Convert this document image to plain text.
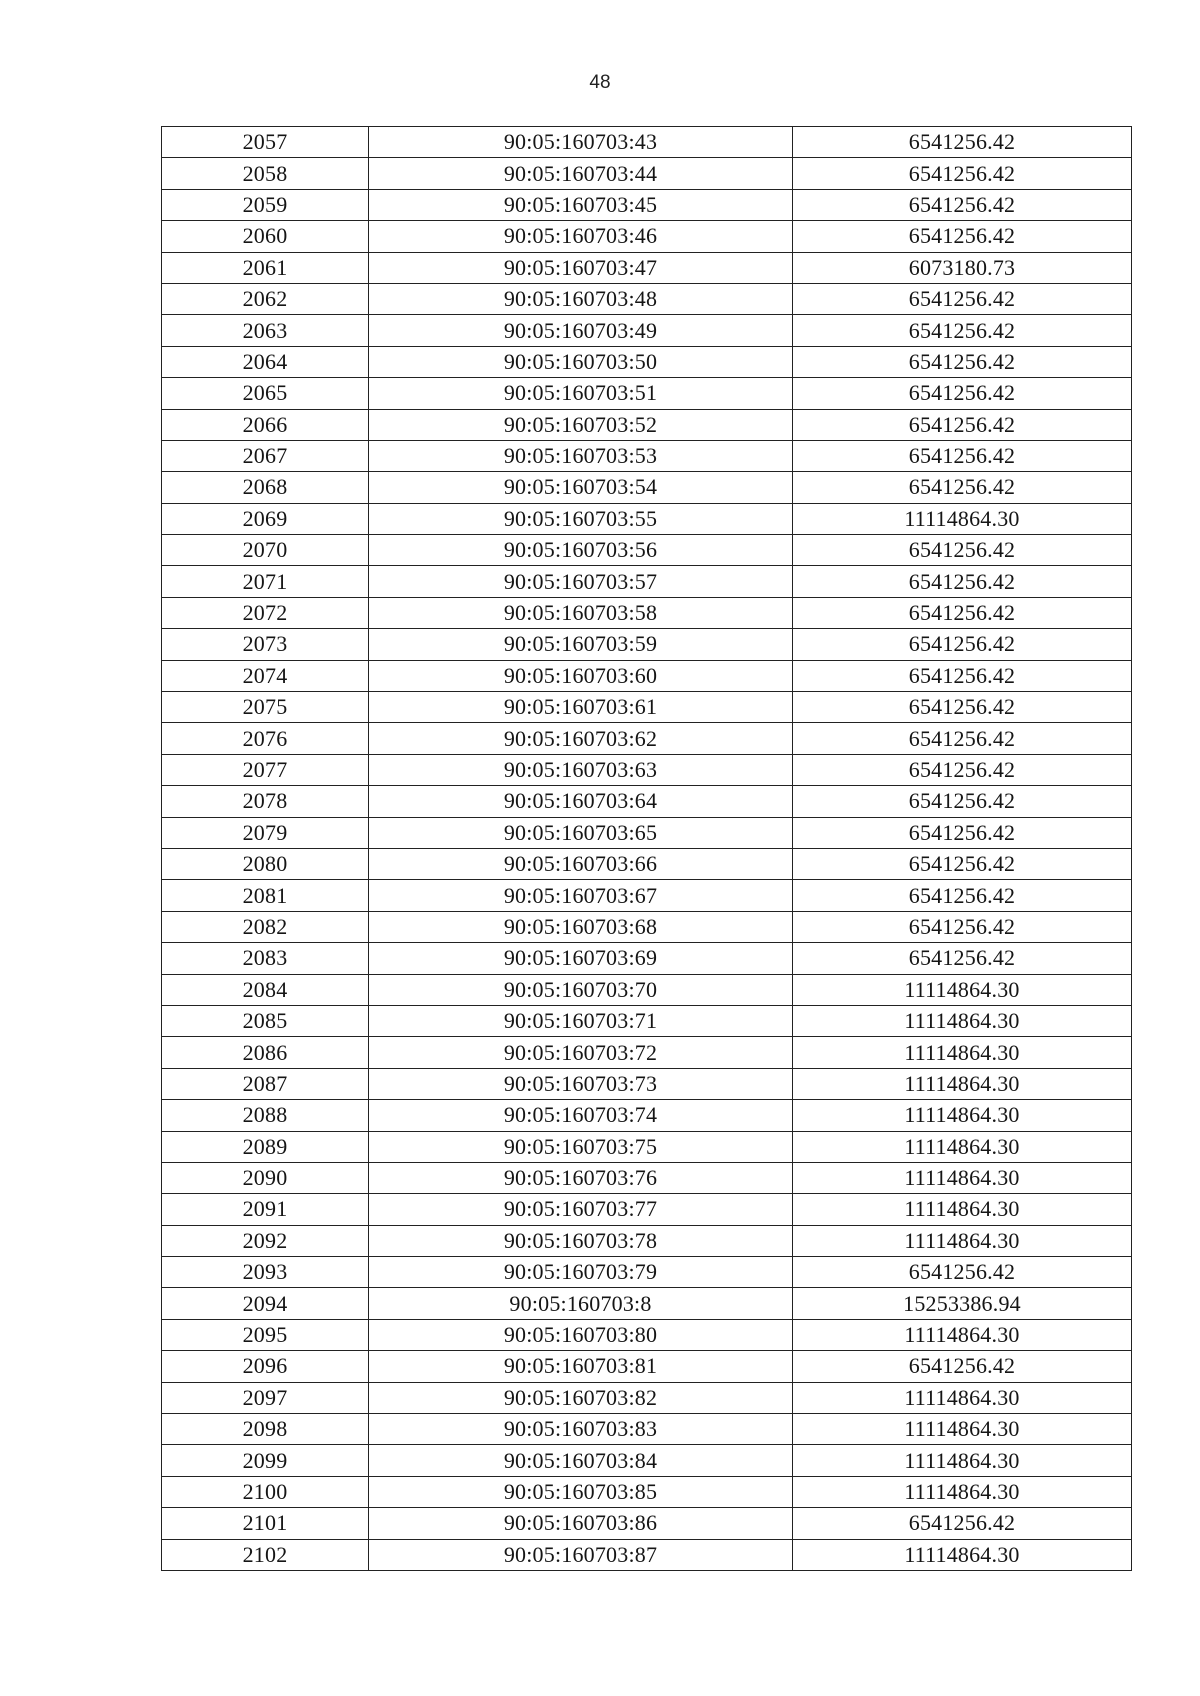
48
2057	90:05:160703:43	6541256.42
2058	90:05:160703:44	6541256.42
2059	90:05:160703:45	6541256.42
2060	90:05:160703:46	6541256.42
2061	90:05:160703:47	6073180.73
2062	90:05:160703:48	6541256.42
2063	90:05:160703:49	6541256.42
2064	90:05:160703:50	6541256.42
2065	90:05:160703:51	6541256.42
2066	90:05:160703:52	6541256.42
2067	90:05:160703:53	6541256.42
2068	90:05:160703:54	6541256.42
2069	90:05:160703:55	11114864.30
2070	90:05:160703:56	6541256.42
2071	90:05:160703:57	6541256.42
2072	90:05:160703:58	6541256.42
2073	90:05:160703:59	6541256.42
2074	90:05:160703:60	6541256.42
2075	90:05:160703:61	6541256.42
2076	90:05:160703:62	6541256.42
2077	90:05:160703:63	6541256.42
2078	90:05:160703:64	6541256.42
2079	90:05:160703:65	6541256.42
2080	90:05:160703:66	6541256.42
2081	90:05:160703:67	6541256.42
2082	90:05:160703:68	6541256.42
2083	90:05:160703:69	6541256.42
2084	90:05:160703:70	11114864.30
2085	90:05:160703:71	11114864.30
2086	90:05:160703:72	11114864.30
2087	90:05:160703:73	11114864.30
2088	90:05:160703:74	11114864.30
2089	90:05:160703:75	11114864.30
2090	90:05:160703:76	11114864.30
2091	90:05:160703:77	11114864.30
2092	90:05:160703:78	11114864.30
2093	90:05:160703:79	6541256.42
2094	90:05:160703:8	15253386.94
2095	90:05:160703:80	11114864.30
2096	90:05:160703:81	6541256.42
2097	90:05:160703:82	11114864.30
2098	90:05:160703:83	11114864.30
2099	90:05:160703:84	11114864.30
2100	90:05:160703:85	11114864.30
2101	90:05:160703:86	6541256.42
2102	90:05:160703:87	11114864.30
